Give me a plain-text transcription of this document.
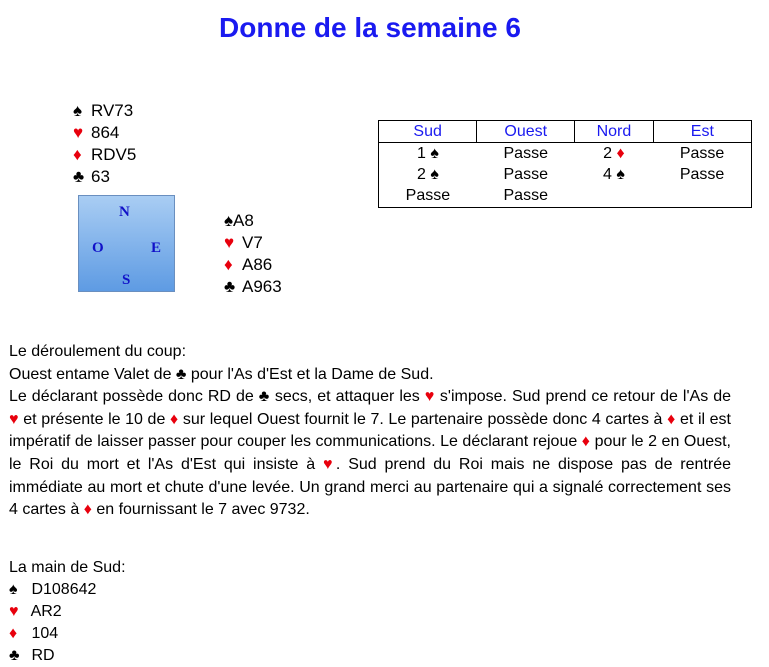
Donne de la semaine 6
♠ RV73
♥ 864
♦ RDV5
♣ 63
N
O	E
S
♠A8
♥ V7
♦ A86
♣ A963
Sud	Ouest	Nord	Est
1 ♠	Passe	2 ♦	Passe
2 ♠	Passe	4 ♠	Passe
Passe	Passe		

Le déroulement du coup:

Ouest entame Valet de ♣ pour l'As d'Est et la Dame de Sud.

Le déclarant possède donc RD de ♣ secs, et attaquer les ♥ s'impose. Sud prend ce retour de l'As de ♥ et présente le 10 de ♦ sur lequel Ouest fournit le 7. Le partenaire possède donc 4 cartes à ♦ et il est impératif de laisser passer pour couper les communications. Le déclarant rejoue ♦ pour le 2 en Ouest, le Roi du mort et l'As d'Est qui insiste à ♥. Sud prend du Roi mais ne dispose pas de rentrée immédiate au mort et chute d'une levée. Un grand merci au partenaire qui a signalé correctement ses 4 cartes à ♦ en fournissant le 7 avec 9732.

La main de Sud:
♠ D108642
♥ AR2
♦ 104
♣ RD
